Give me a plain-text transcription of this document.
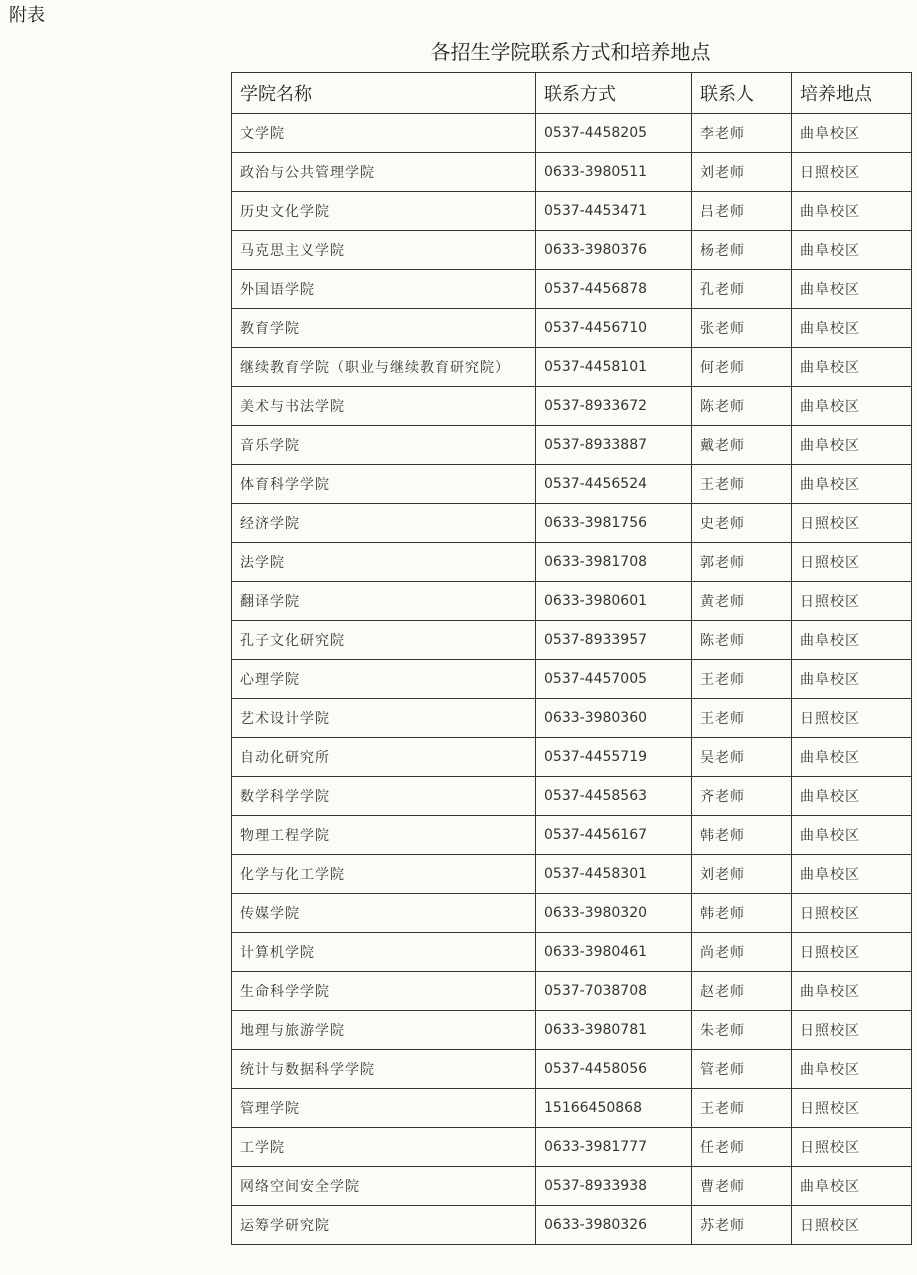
附表
各招生学院联系方式和培养地点
学院名称	联系方式	联系人	培养地点
文学院	0537-4458205	李老师	曲阜校区
政治与公共管理学院	0633-3980511	刘老师	日照校区
历史文化学院	0537-4453471	吕老师	曲阜校区
马克思主义学院	0633-3980376	杨老师	曲阜校区
外国语学院	0537-4456878	孔老师	曲阜校区
教育学院	0537-4456710	张老师	曲阜校区
继续教育学院（职业与继续教育研究院）	0537-4458101	何老师	曲阜校区
美术与书法学院	0537-8933672	陈老师	曲阜校区
音乐学院	0537-8933887	戴老师	曲阜校区
体育科学学院	0537-4456524	王老师	曲阜校区
经济学院	0633-3981756	史老师	日照校区
法学院	0633-3981708	郭老师	日照校区
翻译学院	0633-3980601	黄老师	日照校区
孔子文化研究院	0537-8933957	陈老师	曲阜校区
心理学院	0537-4457005	王老师	曲阜校区
艺术设计学院	0633-3980360	王老师	日照校区
自动化研究所	0537-4455719	吴老师	曲阜校区
数学科学学院	0537-4458563	齐老师	曲阜校区
物理工程学院	0537-4456167	韩老师	曲阜校区
化学与化工学院	0537-4458301	刘老师	曲阜校区
传媒学院	0633-3980320	韩老师	日照校区
计算机学院	0633-3980461	尚老师	日照校区
生命科学学院	0537-7038708	赵老师	曲阜校区
地理与旅游学院	0633-3980781	朱老师	日照校区
统计与数据科学学院	0537-4458056	管老师	曲阜校区
管理学院	15166450868	王老师	日照校区
工学院	0633-3981777	任老师	日照校区
网络空间安全学院	0537-8933938	曹老师	曲阜校区
运筹学研究院	0633-3980326	苏老师	日照校区
